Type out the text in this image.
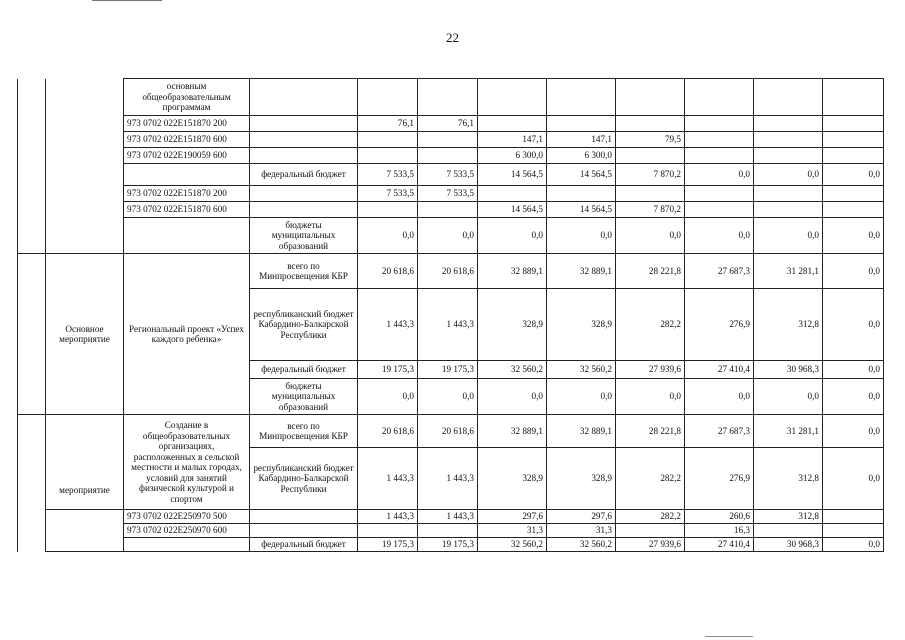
22
		основным общеобразовательным программам									
		973 0702 022E151870 200		76,1	76,1						
		973 0702 022E151870 600				147,1	147,1	79,5			
		973 0702 022E190059 600				6 300,0	6 300,0				
			федеральный бюджет	7 533,5	7 533,5	14 564,5	14 564,5	7 870,2	0,0	0,0	0,0
		973 0702 022E151870 200		7 533,5	7 533,5						
		973 0702 022E151870 600				14 564,5	14 564,5	7 870,2			
			бюджеты муниципальных образований	0,0	0,0	0,0	0,0	0,0	0,0	0,0	0,0
	Основное мероприятие	Региональный проект «Успех каждого ребенка»	всего по Минпросвещения КБР	20 618,6	20 618,6	32 889,1	32 889,1	28 221,8	27 687,3	31 281,1	0,0
			республиканский бюджет Кабардино-Балкарской Республики	1 443,3	1 443,3	328,9	328,9	282,2	276,9	312,8	0,0
			федеральный бюджет	19 175,3	19 175,3	32 560,2	32 560,2	27 939,6	27 410,4	30 968,3	0,0
			бюджеты муниципальных образований	0,0	0,0	0,0	0,0	0,0	0,0	0,0	0,0
	мероприятие	Создание в общеобразовательных организациях, расположенных в сельской местности и малых городах, условий для занятий физической культурой и спортом	всего по Минпросвещения КБР	20 618,6	20 618,6	32 889,1	32 889,1	28 221,8	27 687,3	31 281,1	0,0
			республиканский бюджет Кабардино-Балкарской Республики	1 443,3	1 443,3	328,9	328,9	282,2	276,9	312,8	0,0
		973 0702 022E250970 500		1 443,3	1 443,3	297,6	297,6	282,2	260,6	312,8	
		973 0702 022E250970 600				31,3	31,3		16,3		
			федеральный бюджет	19 175,3	19 175,3	32 560,2	32 560,2	27 939,6	27 410,4	30 968,3	0,0
